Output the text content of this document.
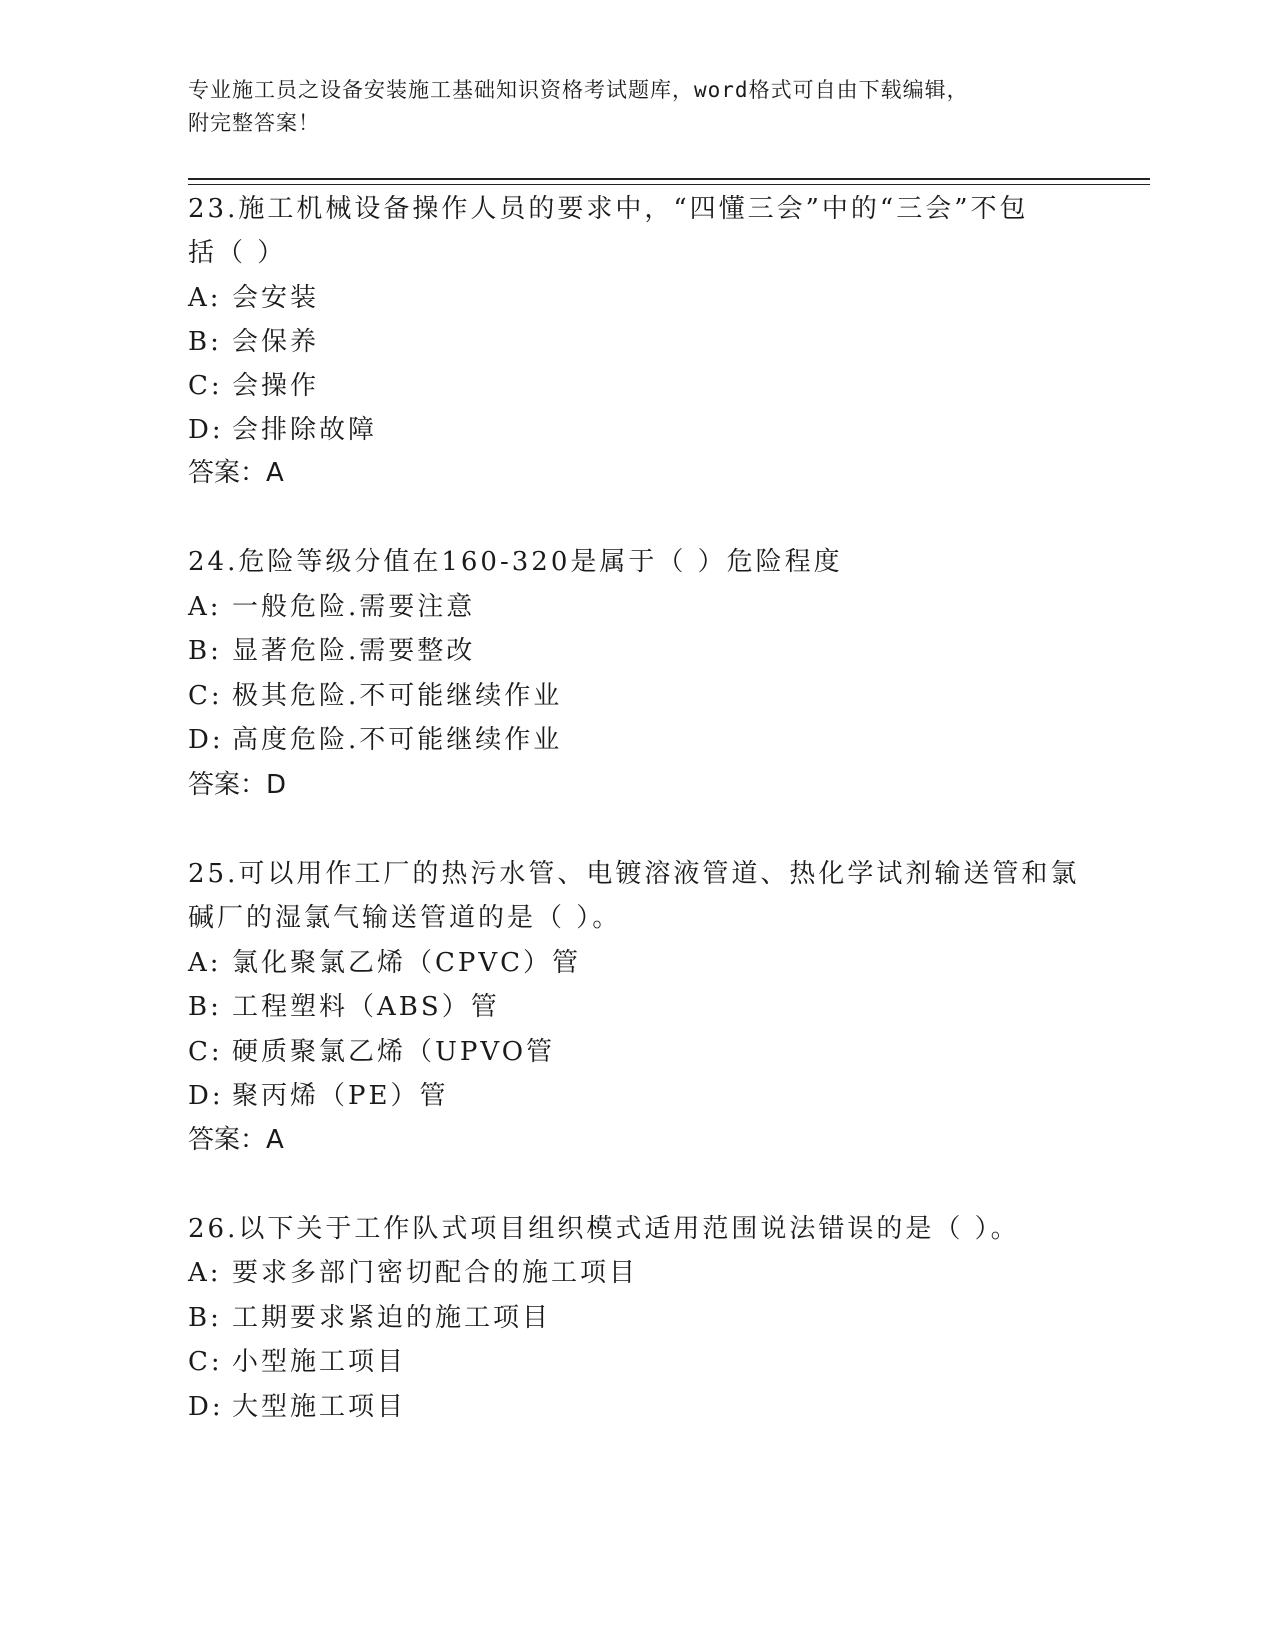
专业施工员之设备安装施工基础知识资格考试题库，word格式可自由下载编辑，
附完整答案！
23.施工机械设备操作人员的要求中，“四懂三会”中的“三会”不包
括（ ）
A: 会安装
B: 会保养
C: 会操作
D: 会排除故障
答案：A
24.危险等级分值在160-320是属于（ ）危险程度
A: 一般危险.需要注意
B: 显著危险.需要整改
C: 极其危险.不可能继续作业
D: 高度危险.不可能继续作业
答案：D
25.可以用作工厂的热污水管、电镀溶液管道、热化学试剂输送管和氯
碱厂的湿氯气输送管道的是（ ）。
A: 氯化聚氯乙烯（CPVC）管
B: 工程塑料（ABS）管
C: 硬质聚氯乙烯（UPVO管
D: 聚丙烯（PE）管
答案：A
26.以下关于工作队式项目组织模式适用范围说法错误的是（ ）。
A: 要求多部门密切配合的施工项目
B: 工期要求紧迫的施工项目
C: 小型施工项目
D: 大型施工项目
